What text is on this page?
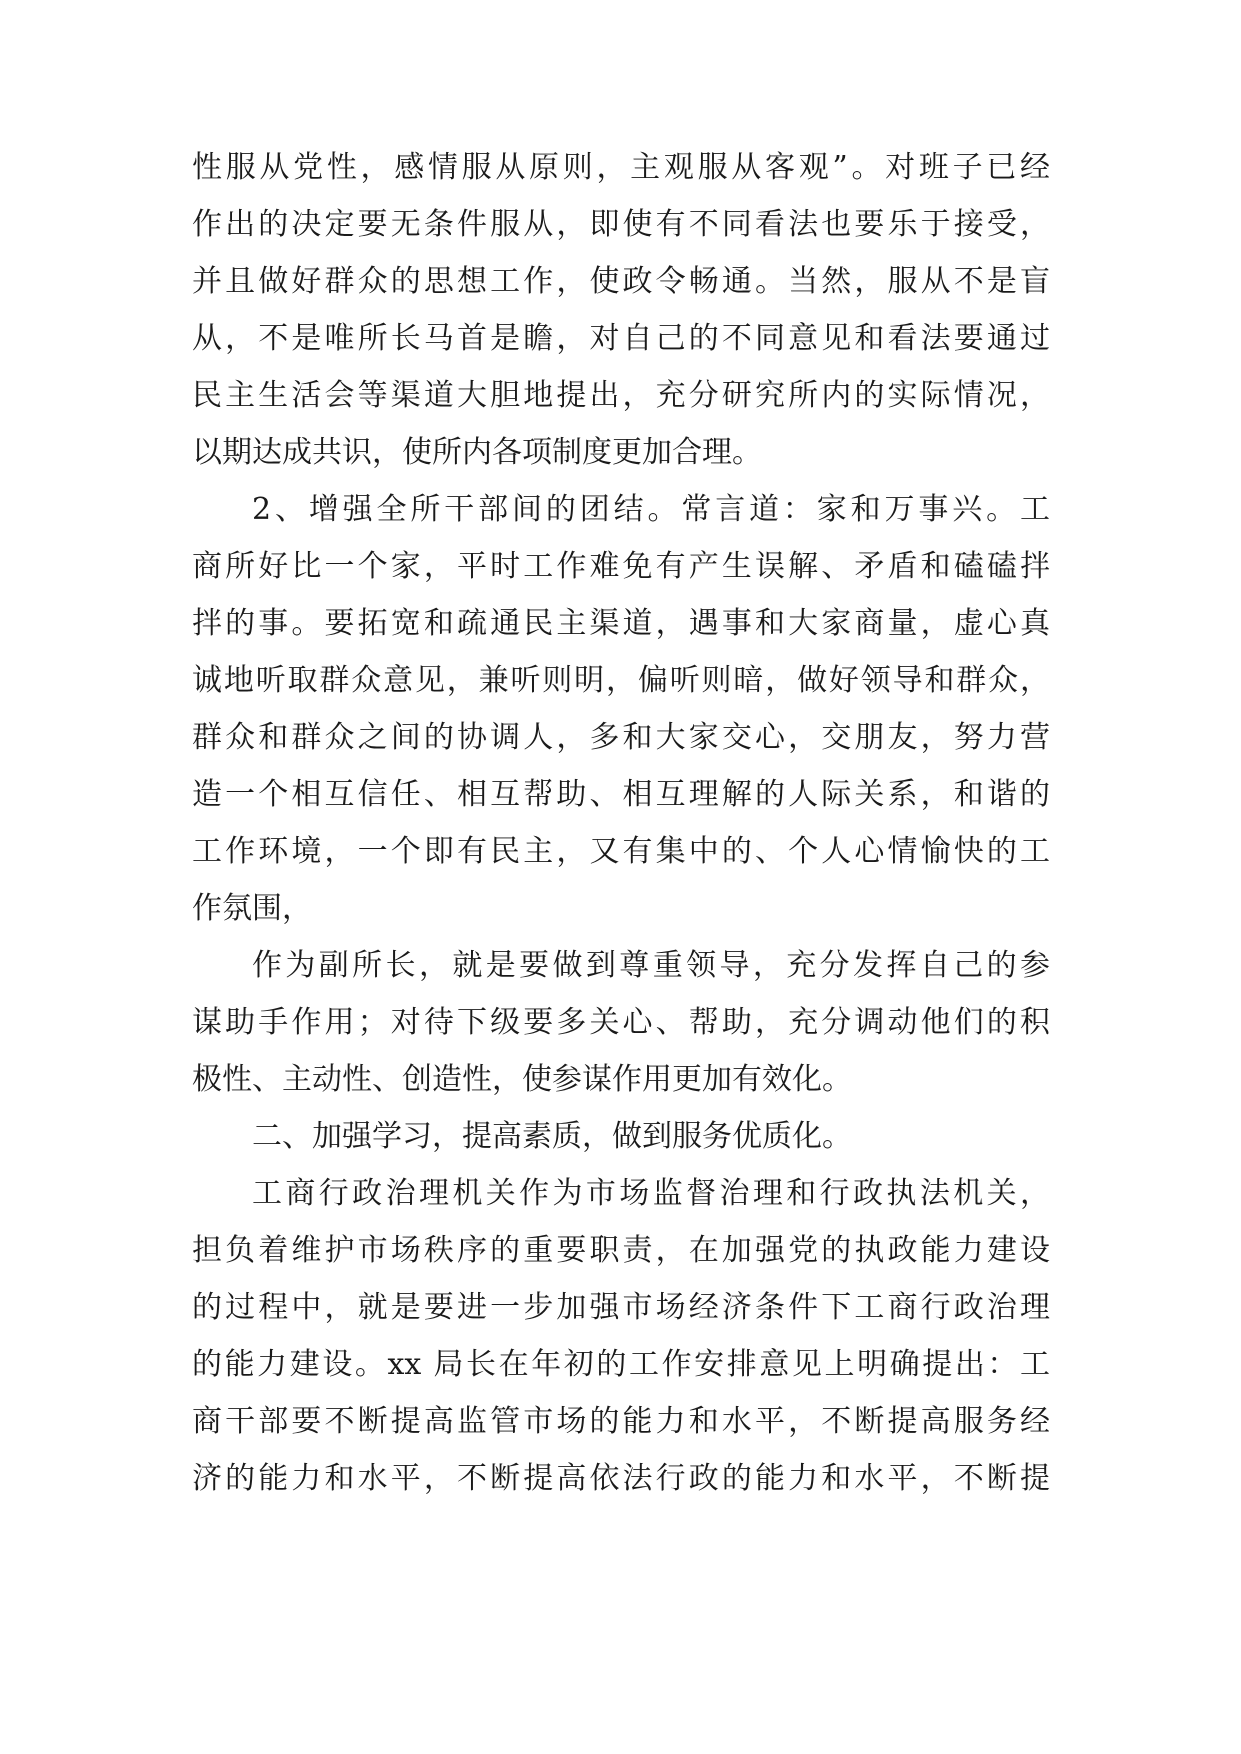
性服从党性，感情服从原则，主观服从客观”。对班子已经
作出的决定要无条件服从，即使有不同看法也要乐于接受，
并且做好群众的思想工作，使政令畅通。当然，服从不是盲
从，不是唯所长马首是瞻，对自己的不同意见和看法要通过
民主生活会等渠道大胆地提出，充分研究所内的实际情况，
以期达成共识，使所内各项制度更加合理。
2、增强全所干部间的团结。常言道：家和万事兴。工
商所好比一个家，平时工作难免有产生误解、矛盾和磕磕拌
拌的事。要拓宽和疏通民主渠道，遇事和大家商量，虚心真
诚地听取群众意见，兼听则明，偏听则暗，做好领导和群众，
群众和群众之间的协调人，多和大家交心，交朋友，努力营
造一个相互信任、相互帮助、相互理解的人际关系，和谐的
工作环境，一个即有民主，又有集中的、个人心情愉快的工
作氛围，
作为副所长，就是要做到尊重领导，充分发挥自己的参
谋助手作用；对待下级要多关心、帮助，充分调动他们的积
极性、主动性、创造性，使参谋作用更加有效化。
二、加强学习，提高素质，做到服务优质化。
工商行政治理机关作为市场监督治理和行政执法机关，
担负着维护市场秩序的重要职责，在加强党的执政能力建设
的过程中，就是要进一步加强市场经济条件下工商行政治理
的能力建设。xx 局长在年初的工作安排意见上明确提出：工
商干部要不断提高监管市场的能力和水平，不断提高服务经
济的能力和水平，不断提高依法行政的能力和水平，不断提
